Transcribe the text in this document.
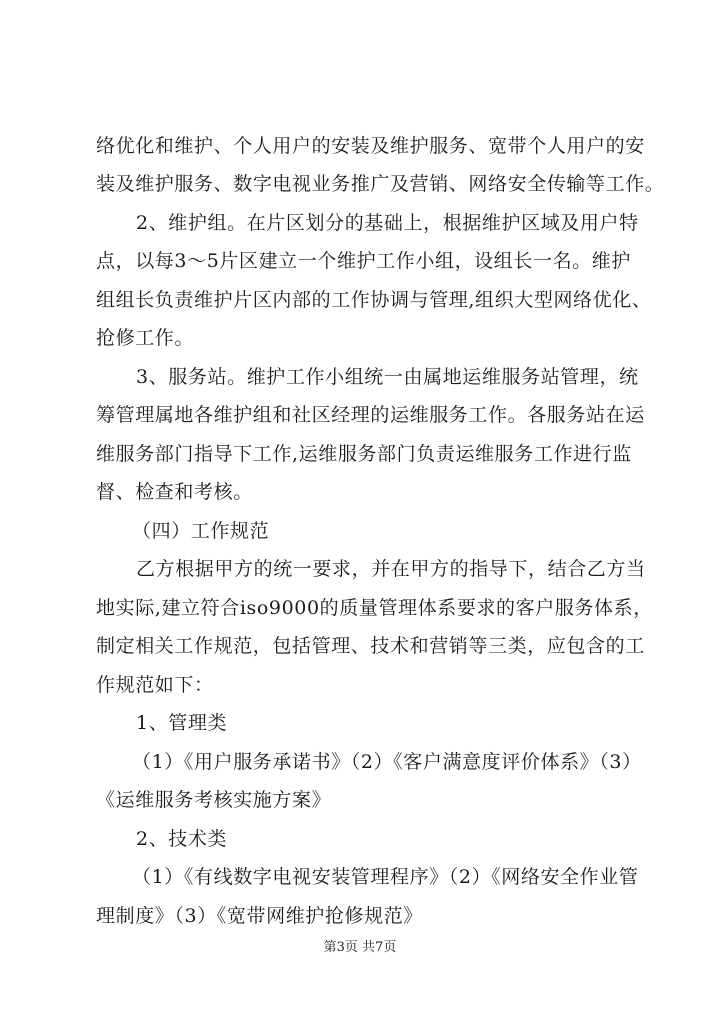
络优化和维护、个人用户的安装及维护服务、宽带个人用户的安
装及维护服务、数字电视业务推广及营销、网络安全传输等工作。
2、维护组。在片区划分的基础上，根据维护区域及用户特
点，以每3～5片区建立一个维护工作小组，设组长一名。维护
组组长负责维护片区内部的工作协调与管理,组织大型网络优化、
抢修工作。
3、服务站。维护工作小组统一由属地运维服务站管理，统
筹管理属地各维护组和社区经理的运维服务工作。各服务站在运
维服务部门指导下工作,运维服务部门负责运维服务工作进行监
督、检查和考核。
（四）工作规范
乙方根据甲方的统一要求，并在甲方的指导下，结合乙方当
地实际,建立符合iso9000的质量管理体系要求的客户服务体系，
制定相关工作规范，包括管理、技术和营销等三类，应包含的工
作规范如下：
1、管理类
（1）《用户服务承诺书》（2）《客户满意度评价体系》（3）
《运维服务考核实施方案》
2、技术类
（1）《有线数字电视安装管理程序》（2）《网络安全作业管
理制度》（3）《宽带网维护抢修规范》
第3页 共7页
